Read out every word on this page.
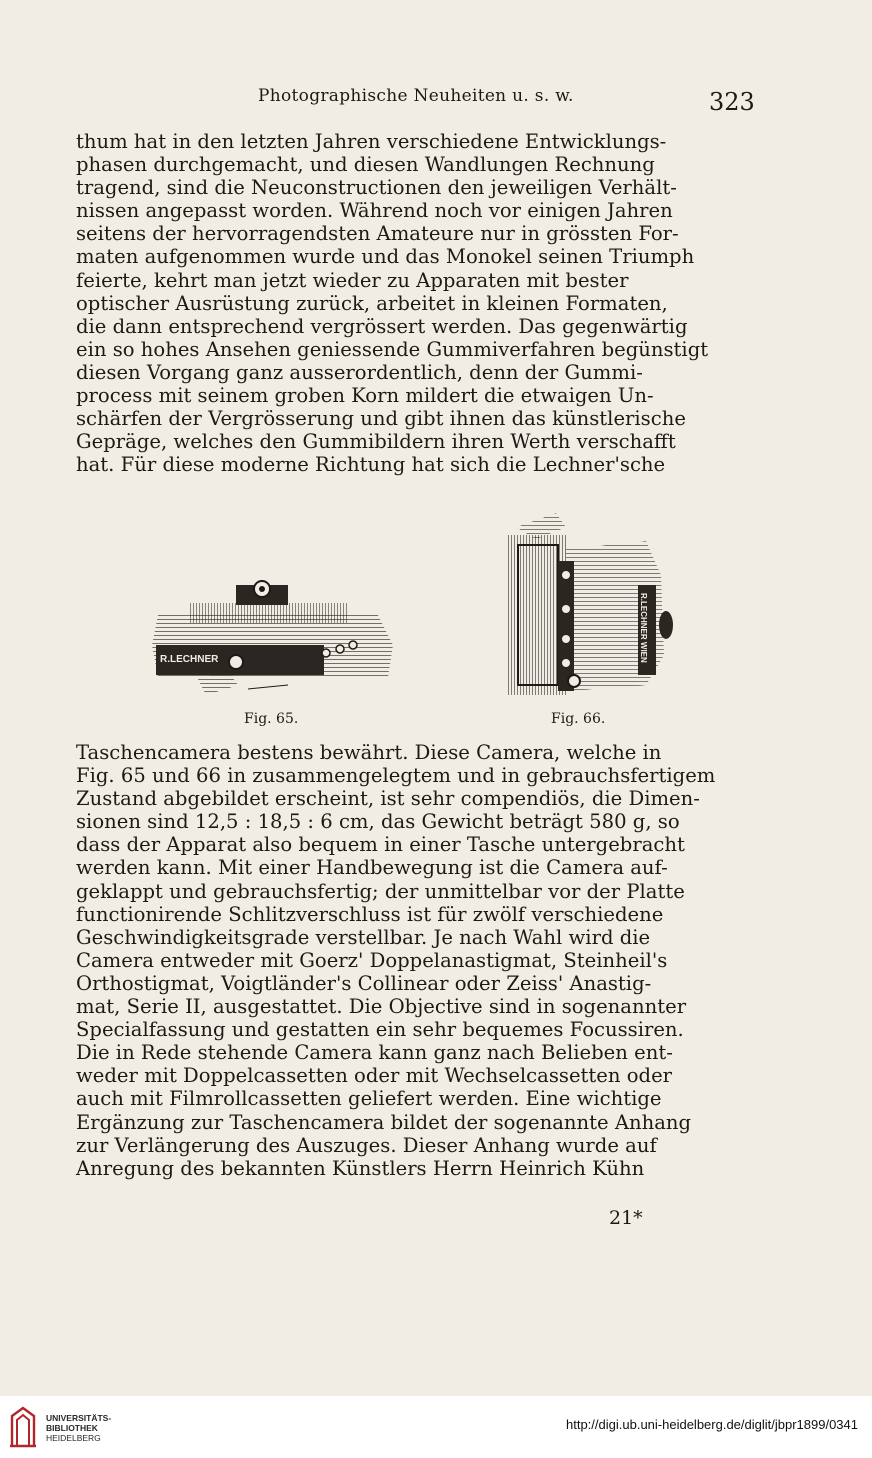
Photographische Neuheiten u. s. w.	323
thum hat in den letzten Jahren verschiedene Entwicklungs-
phasen durchgemacht, und diesen Wandlungen Rechnung
tragend, sind die Neuconstructionen den jeweiligen Verhält-
nissen angepasst worden. Während noch vor einigen Jahren
seitens der hervorragendsten Amateure nur in grössten For-
maten aufgenommen wurde und das Monokel seinen Triumph
feierte, kehrt man jetzt wieder zu Apparaten mit bester
optischer Ausrüstung zurück, arbeitet in kleinen Formaten,
die dann entsprechend vergrössert werden. Das gegenwärtig
ein so hohes Ansehen geniessende Gummiverfahren begünstigt
diesen Vorgang ganz ausserordentlich, denn der Gummi-
process mit seinem groben Korn mildert die etwaigen Un-
schärfen der Vergrösserung und gibt ihnen das künstlerische
Gepräge, welches den Gummibildern ihren Werth verschafft
hat. Für diese moderne Richtung hat sich die Lechner'sche
R.LECHNER	R.LECHNER WIEN
Fig. 65.	Fig. 66.
Taschencamera bestens bewährt. Diese Camera, welche in
Fig. 65 und 66 in zusammengelegtem und in gebrauchsfertigem
Zustand abgebildet erscheint, ist sehr compendiös, die Dimen-
sionen sind 12,5 : 18,5 : 6 cm, das Gewicht beträgt 580 g, so
dass der Apparat also bequem in einer Tasche untergebracht
werden kann. Mit einer Handbewegung ist die Camera auf-
geklappt und gebrauchsfertig; der unmittelbar vor der Platte
functionirende Schlitzverschluss ist für zwölf verschiedene
Geschwindigkeitsgrade verstellbar. Je nach Wahl wird die
Camera entweder mit Goerz' Doppelanastigmat, Steinheil's
Orthostigmat, Voigtländer's Collinear oder Zeiss' Anastig-
mat, Serie II, ausgestattet. Die Objective sind in sogenannter
Specialfassung und gestatten ein sehr bequemes Focussiren.
Die in Rede stehende Camera kann ganz nach Belieben ent-
weder mit Doppelcassetten oder mit Wechselcassetten oder
auch mit Filmrollcassetten geliefert werden. Eine wichtige
Ergänzung zur Taschencamera bildet der sogenannte Anhang
zur Verlängerung des Auszuges. Dieser Anhang wurde auf
Anregung des bekannten Künstlers Herrn Heinrich Kühn
21*
UNIVERSITÄTS-
BIBLIOTHEK
HEIDELBERG
http://digi.ub.uni-heidelberg.de/diglit/jbpr1899/0341
